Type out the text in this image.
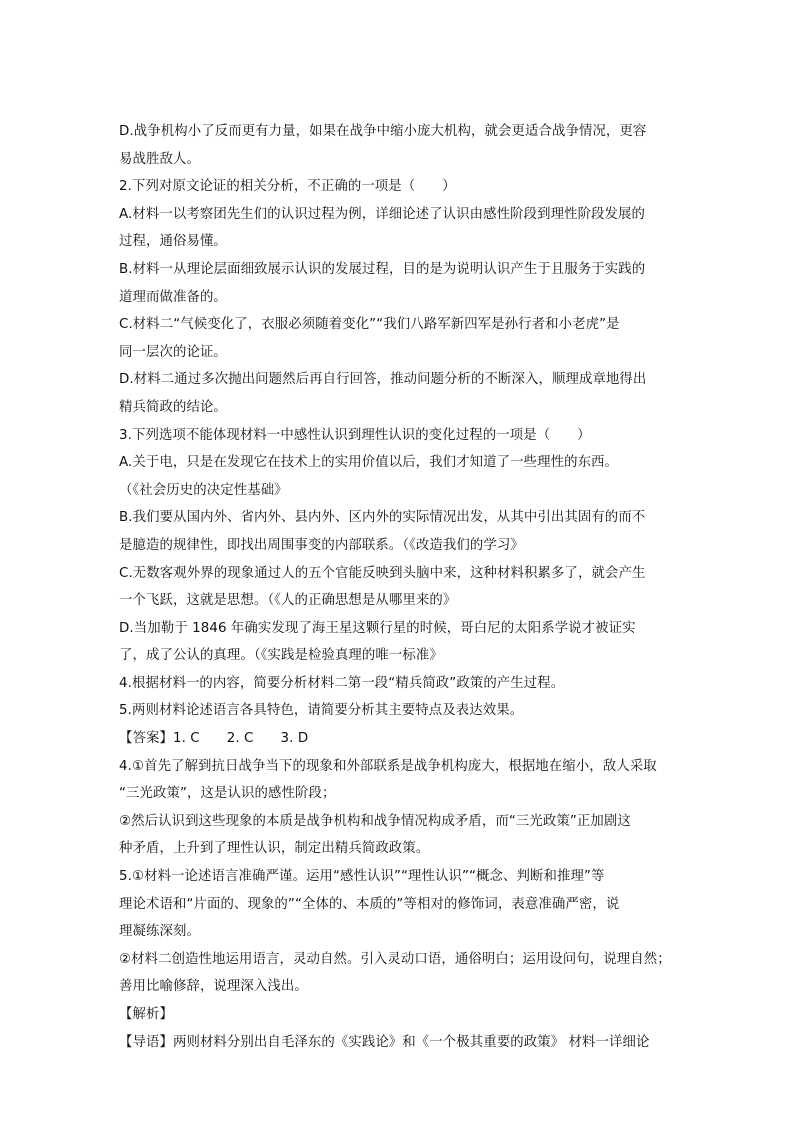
D.战争机构小了反而更有力量，如果在战争中缩小庞大机构，就会更适合战争情况，更容
易战胜敌人。
2.下列对原文论证的相关分析，不正确的一项是（　　）
A.材料一以考察团先生们的认识过程为例，详细论述了认识由感性阶段到理性阶段发展的
过程，通俗易懂。
B.材料一从理论层面细致展示认识的发展过程，目的是为说明认识产生于且服务于实践的
道理而做准备的。
C.材料二“气候变化了，衣服必须随着变化”“我们八路军新四军是孙行者和小老虎”是
同一层次的论证。
D.材料二通过多次抛出问题然后再自行回答，推动问题分析的不断深入，顺理成章地得出
精兵简政的结论。
3.下列选项不能体现材料一中感性认识到理性认识的变化过程的一项是（　　）
A.关于电，只是在发现它在技术上的实用价值以后，我们才知道了一些理性的东西。
（《社会历史的决定性基础》
B.我们要从国内外、省内外、县内外、区内外的实际情况出发，从其中引出其固有的而不
是臆造的规律性，即找出周围事变的内部联系。（《改造我们的学习》
C.无数客观外界的现象通过人的五个官能反映到头脑中来，这种材料积累多了，就会产生
一个飞跃，这就是思想。（《人的正确思想是从哪里来的》
D.当加勒于 1846 年确实发现了海王星这颗行星的时候，哥白尼的太阳系学说才被证实
了，成了公认的真理。（《实践是检验真理的唯一标准》
4.根据材料一的内容，简要分析材料二第一段“精兵简政”政策的产生过程。
5.两则材料论述语言各具特色，请简要分析其主要特点及表达效果。
【答案】1. C　　2. C　　3. D
4.①首先了解到抗日战争当下的现象和外部联系是战争机构庞大，根据地在缩小，敌人采取
“三光政策”，这是认识的感性阶段；
②然后认识到这些现象的本质是战争机构和战争情况构成矛盾，而“三光政策”正加剧这
种矛盾，上升到了理性认识，制定出精兵简政政策。
5.①材料一论述语言准确严谨。运用“感性认识”“理性认识”“概念、判断和推理”等
理论术语和“片面的、现象的”“全体的、本质的”等相对的修饰词，表意准确严密，说
理凝练深刻。
②材料二创造性地运用语言，灵动自然。引入灵动口语，通俗明白；运用设问句，说理自然；
善用比喻修辞，说理深入浅出。
【解析】
【导语】两则材料分别出自毛泽东的《实践论》和《一个极其重要的政策》 材料一详细论
